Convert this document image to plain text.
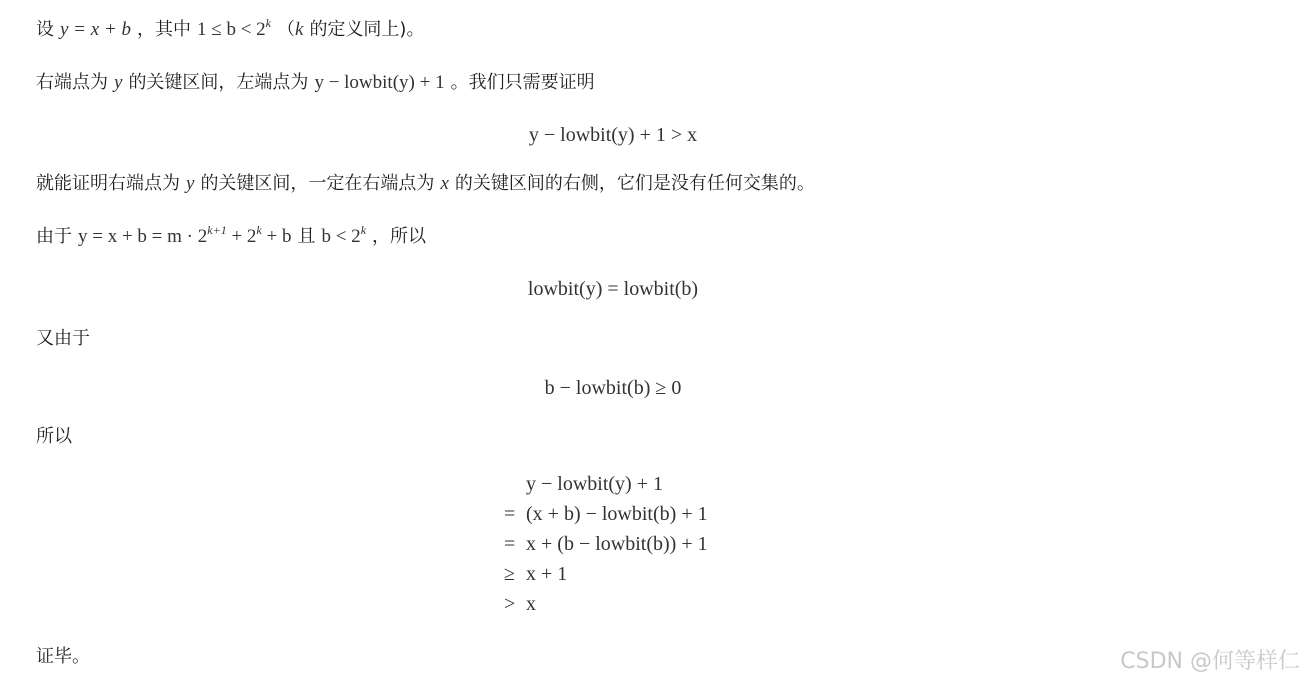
设 y = x + b ，其中 $1 \le b < 2^k$ （k 的定义同上)。
右端点为 y 的关键区间，左端点为 y − lowbit(y) + 1 。我们只需要证明
y − lowbit(y) + 1 > x
就能证明右端点为 y 的关键区间，一定在右端点为 x 的关键区间的右侧，它们是没有任何交集的。
由于 $y = x + b = m \cdot 2^{k+1} + 2^k + b$ 且 $b < 2^k$ ，所以
lowbit(y) = lowbit(b)
又由于
b − lowbit(b) ≥ 0
所以
y − lowbit(y) + 1
= (x + b) − lowbit(b) + 1
= x + (b − lowbit(b)) + 1
≥ x + 1
> x
证毕。	CSDN @何等样仁
